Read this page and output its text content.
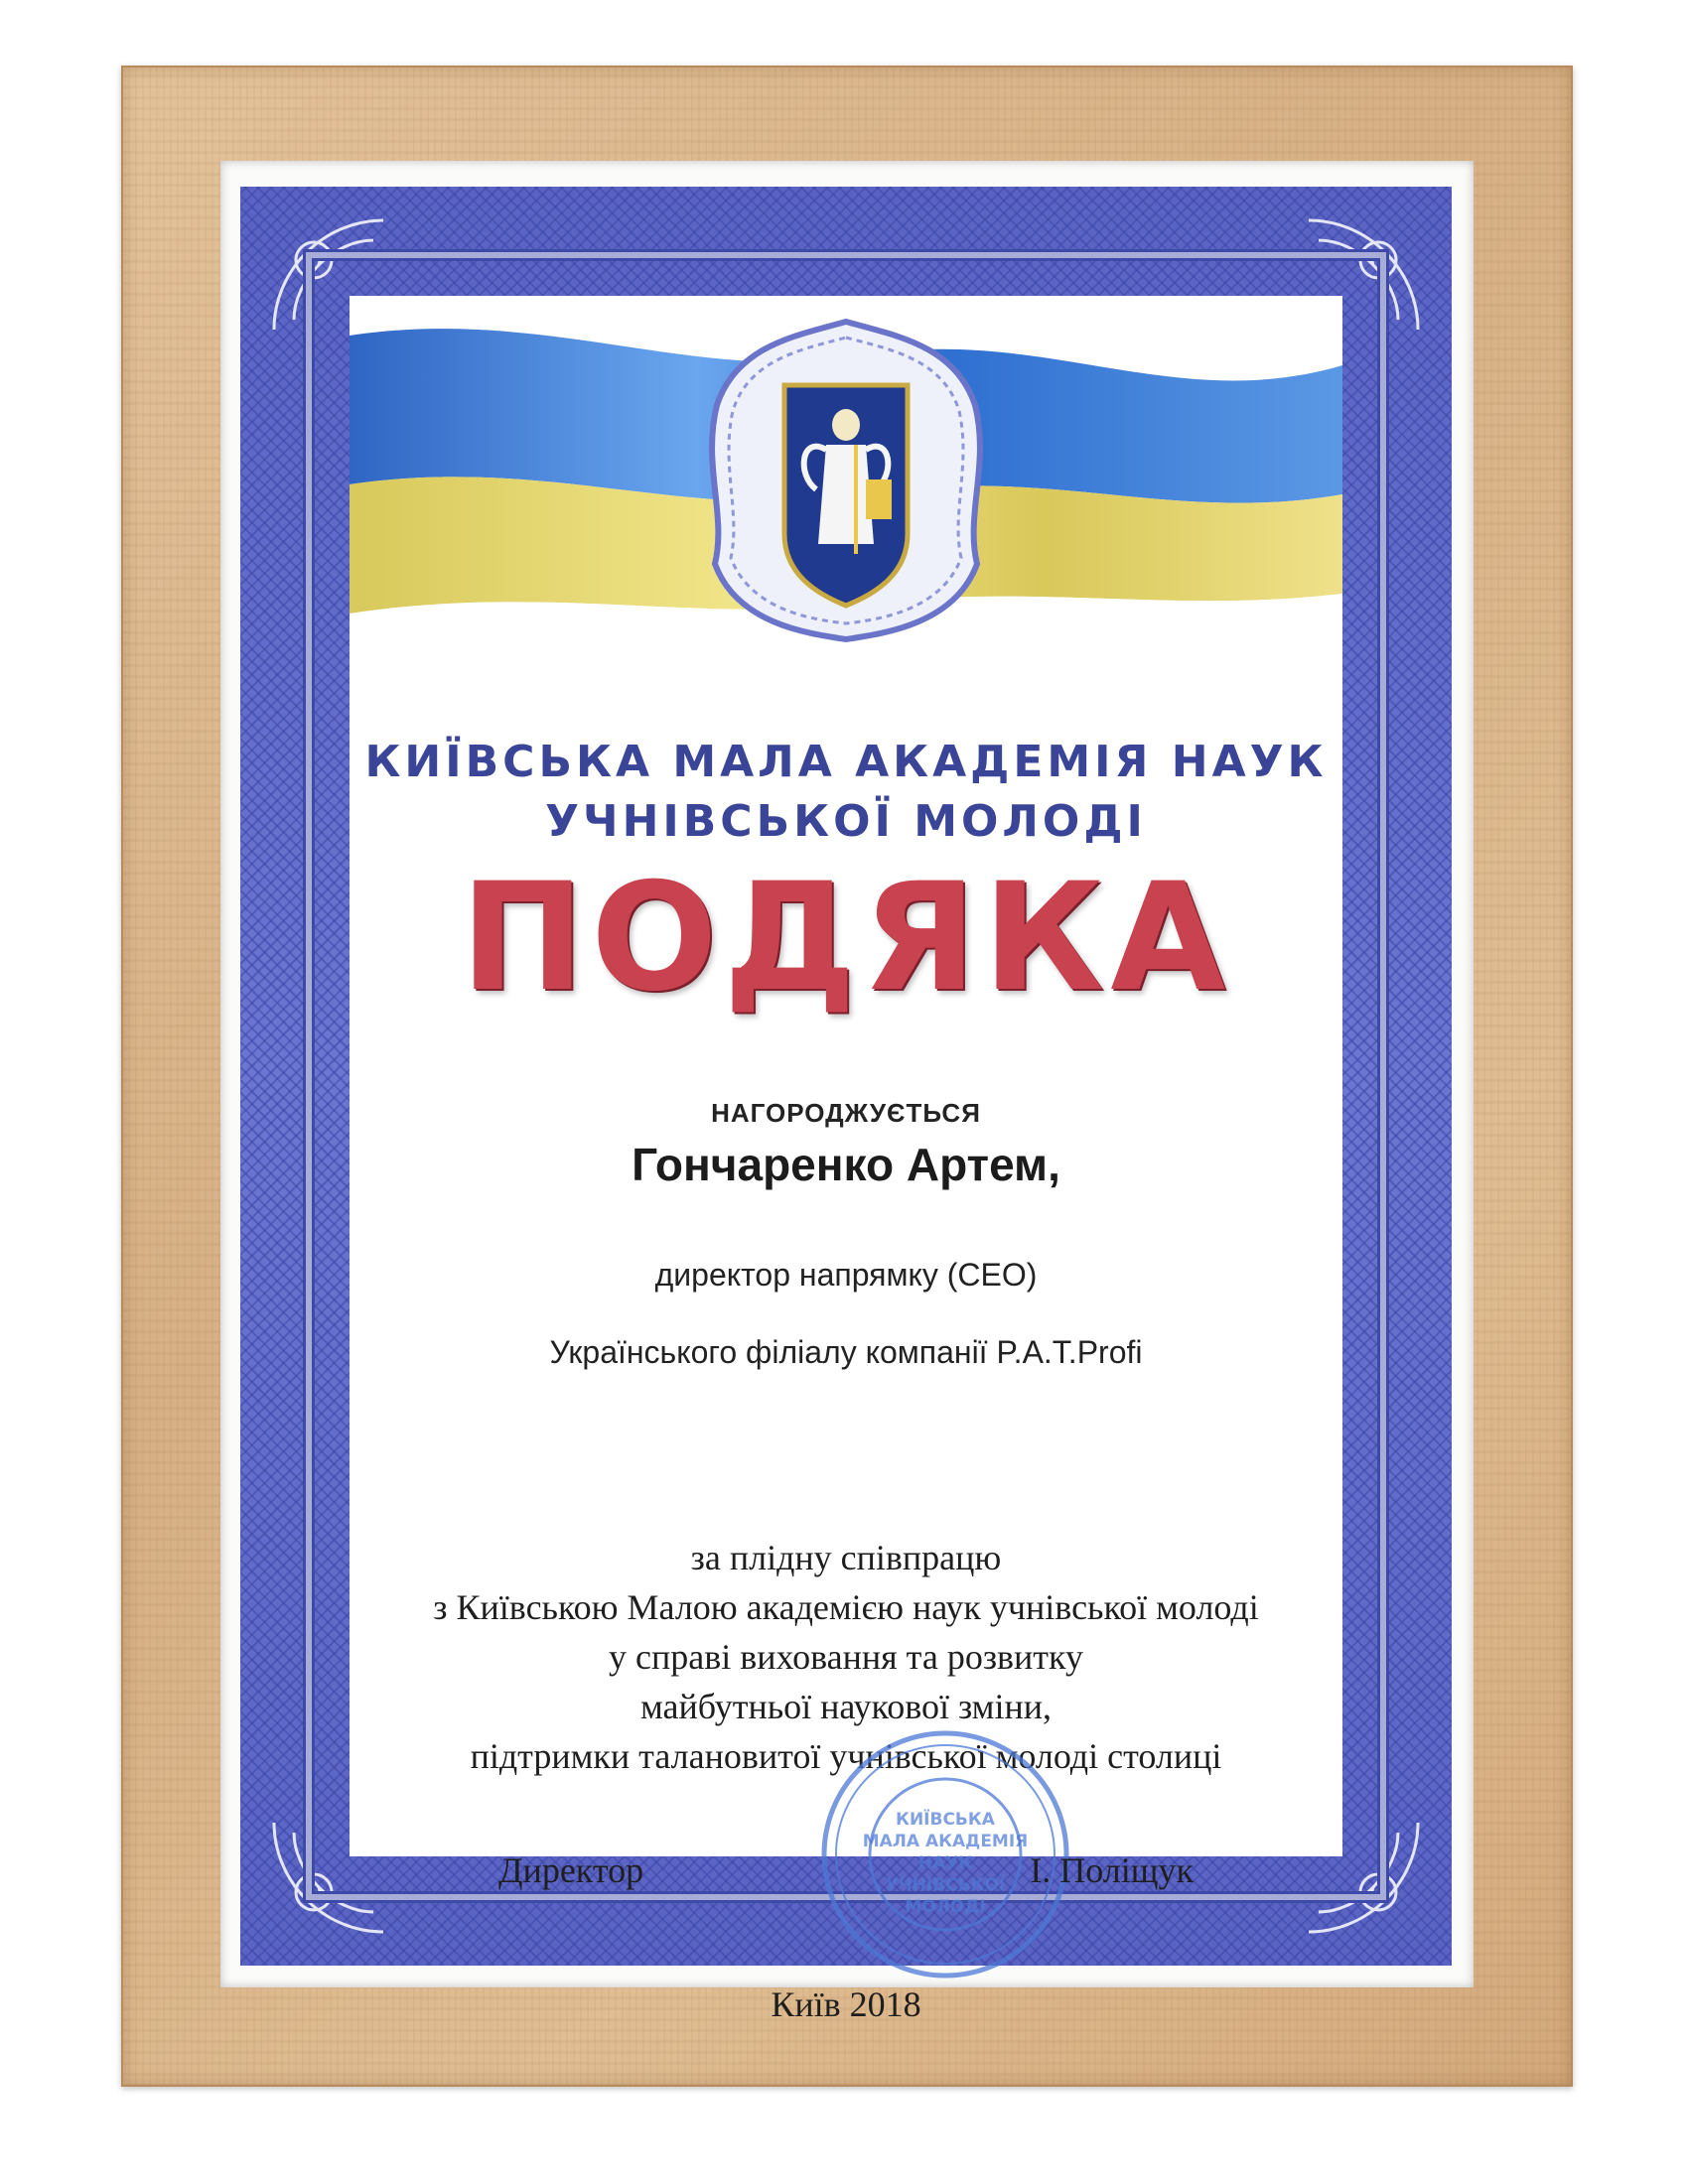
КИЇВСЬКА МАЛА АКАДЕМІЯ НАУК
УЧНІВСЬКОЇ МОЛОДІ
ПОДЯКА
НАГОРОДЖУЄТЬСЯ
Гончаренко Артем,
директор напрямку (CEO)
Українського філіалу компанії P.A.T.Profi
за плідну співпрацю
з Київською Малою академією наук учнівської молоді
у справі виховання та розвитку
майбутньої наукової зміни,
підтримки талановитої учнівської молоді столиці
КИЇВСЬКА
МАЛА АКАДЕМІЯ
НАУК
УЧНІВСЬКОЇ
МОЛОДІ
Директор	І. Поліщук
Київ 2018
